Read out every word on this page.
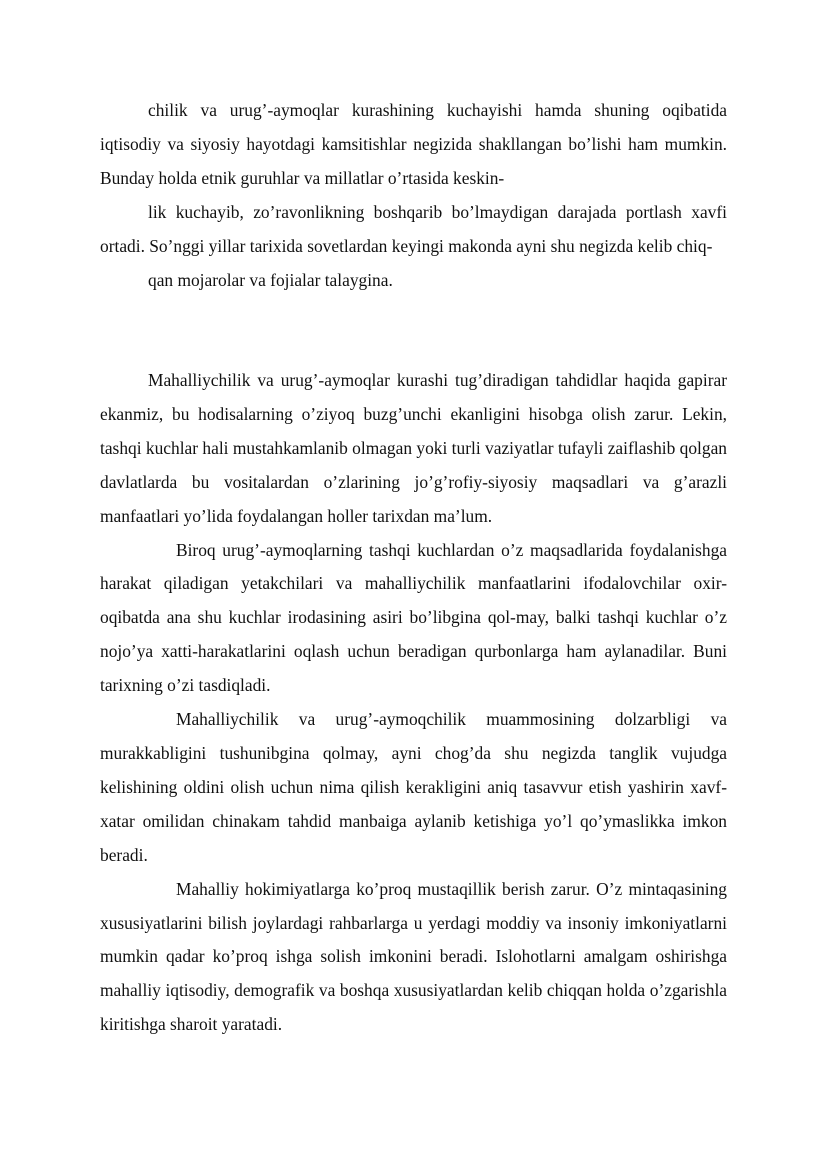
chilik va urug’-aymoqlar kurashining kuchayishi hamda shuning oqibatida iqtisodiy va siyosiy hayotdagi kamsitishlar negizida shakllangan bo’lishi ham mumkin. Bunday holda etnik guruhlar va millatlar o’rtasida keskin-

lik kuchayib, zo’ravonlikning boshqarib bo’lmaydigan darajada portlash xavfi ortadi. So’nggi yillar tarixida sovetlardan keyingi makonda ayni shu negizda kelib chiq-

qan mojarolar va fojialar talaygina.

Mahalliychilik va urug’-aymoqlar kurashi tug’diradigan tahdidlar haqida gapirar ekanmiz, bu hodisalarning o’ziyoq buzg’unchi ekanligini hisobga olish zarur. Lekin, tashqi kuchlar hali mustahkamlanib olmagan yoki turli vaziyatlar tufayli zaiflashib qolgan davlatlarda bu vositalardan o’zlarining jo’g’rofiy-siyosiy maqsadlari va g’arazli manfaatlari yo’lida foydalangan holler tarixdan ma’lum.

Biroq urug’-aymoqlarning tashqi kuchlardan o’z maqsadlarida foydalanishga harakat qiladigan yetakchilari va mahalliychilik manfaatlarini ifodalovchilar oxir-oqibatda ana shu kuchlar irodasining asiri bo’libgina qol-may, balki tashqi kuchlar o’z nojo’ya xatti-harakatlarini oqlash uchun beradigan qurbonlarga ham aylanadilar. Buni tarixning o’zi tasdiqladi.

Mahalliychilik va urug’-aymoqchilik muammosining dolzarbligi va murakkabligini tushunibgina qolmay, ayni chog’da shu negizda tanglik vujudga kelishining oldini olish uchun nima qilish kerakligini aniq tasavvur etish yashirin xavf-xatar omilidan chinakam tahdid manbaiga aylanib ketishiga yo’l qo’ymaslikka imkon beradi.

Mahalliy hokimiyatlarga ko’proq mustaqillik berish zarur. O’z mintaqasining xususiyatlarini bilish joylardagi rahbarlarga u yerdagi moddiy va insoniy imkoniyatlarni mumkin qadar ko’proq ishga solish imkonini beradi. Islohotlarni amalgam oshirishga mahalliy iqtisodiy, demografik va boshqa xususiyatlardan kelib chiqqan holda o’zgarishla kiritishga sharoit yaratadi.
